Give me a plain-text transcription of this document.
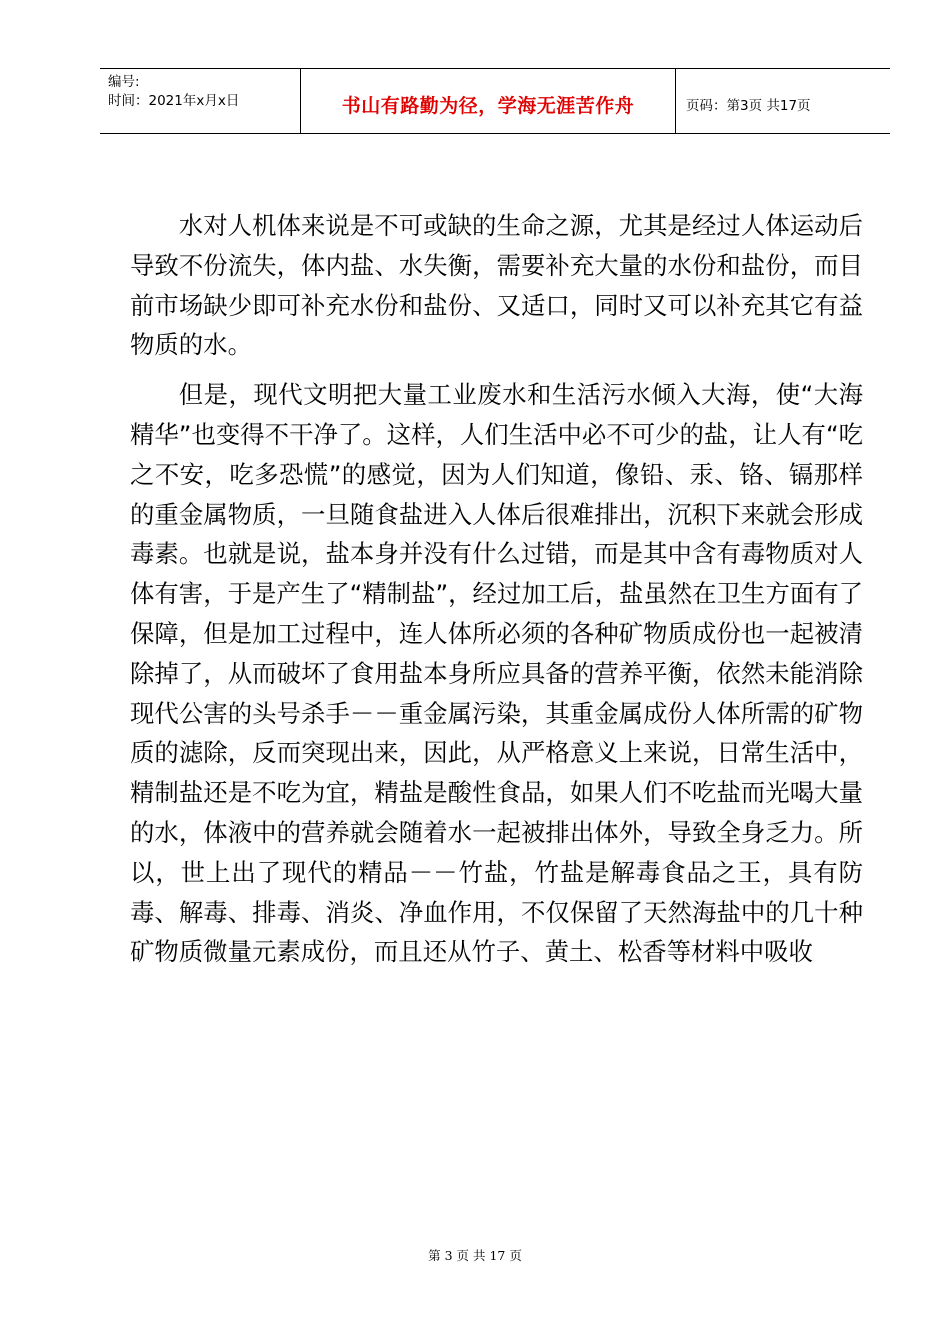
编号:
时间：2021年x月x日	书山有路勤为径，学海无涯苦作舟	页码：第3页 共17页

水对人机体来说是不可或缺的生命之源，尤其是经过人体运动后导致不份流失，体内盐、水失衡，需要补充大量的水份和盐份，而目前市场缺少即可补充水份和盐份、又适口，同时又可以补充其它有益物质的水。

但是，现代文明把大量工业废水和生活污水倾入大海，使“大海精华”也变得不干净了。这样，人们生活中必不可少的盐，让人有“吃之不安，吃多恐慌”的感觉，因为人们知道，像铅、汞、铬、镉那样的重金属物质，一旦随食盐进入人体后很难排出，沉积下来就会形成毒素。也就是说，盐本身并没有什么过错，而是其中含有毒物质对人体有害，于是产生了“精制盐”，经过加工后，盐虽然在卫生方面有了保障，但是加工过程中，连人体所必须的各种矿物质成份也一起被清除掉了，从而破坏了食用盐本身所应具备的营养平衡，依然未能消除现代公害的头号杀手－－重金属污染，其重金属成份人体所需的矿物质的滤除，反而突现出来，因此，从严格意义上来说，日常生活中，精制盐还是不吃为宜，精盐是酸性食品，如果人们不吃盐而光喝大量的水，体液中的营养就会随着水一起被排出体外，导致全身乏力。所以，世上出了现代的精品－－竹盐，竹盐是解毒食品之王，具有防毒、解毒、排毒、消炎、净血作用，不仅保留了天然海盐中的几十种矿物质微量元素成份，而且还从竹子、黄土、松香等材料中吸收

第 3 页 共 17 页
